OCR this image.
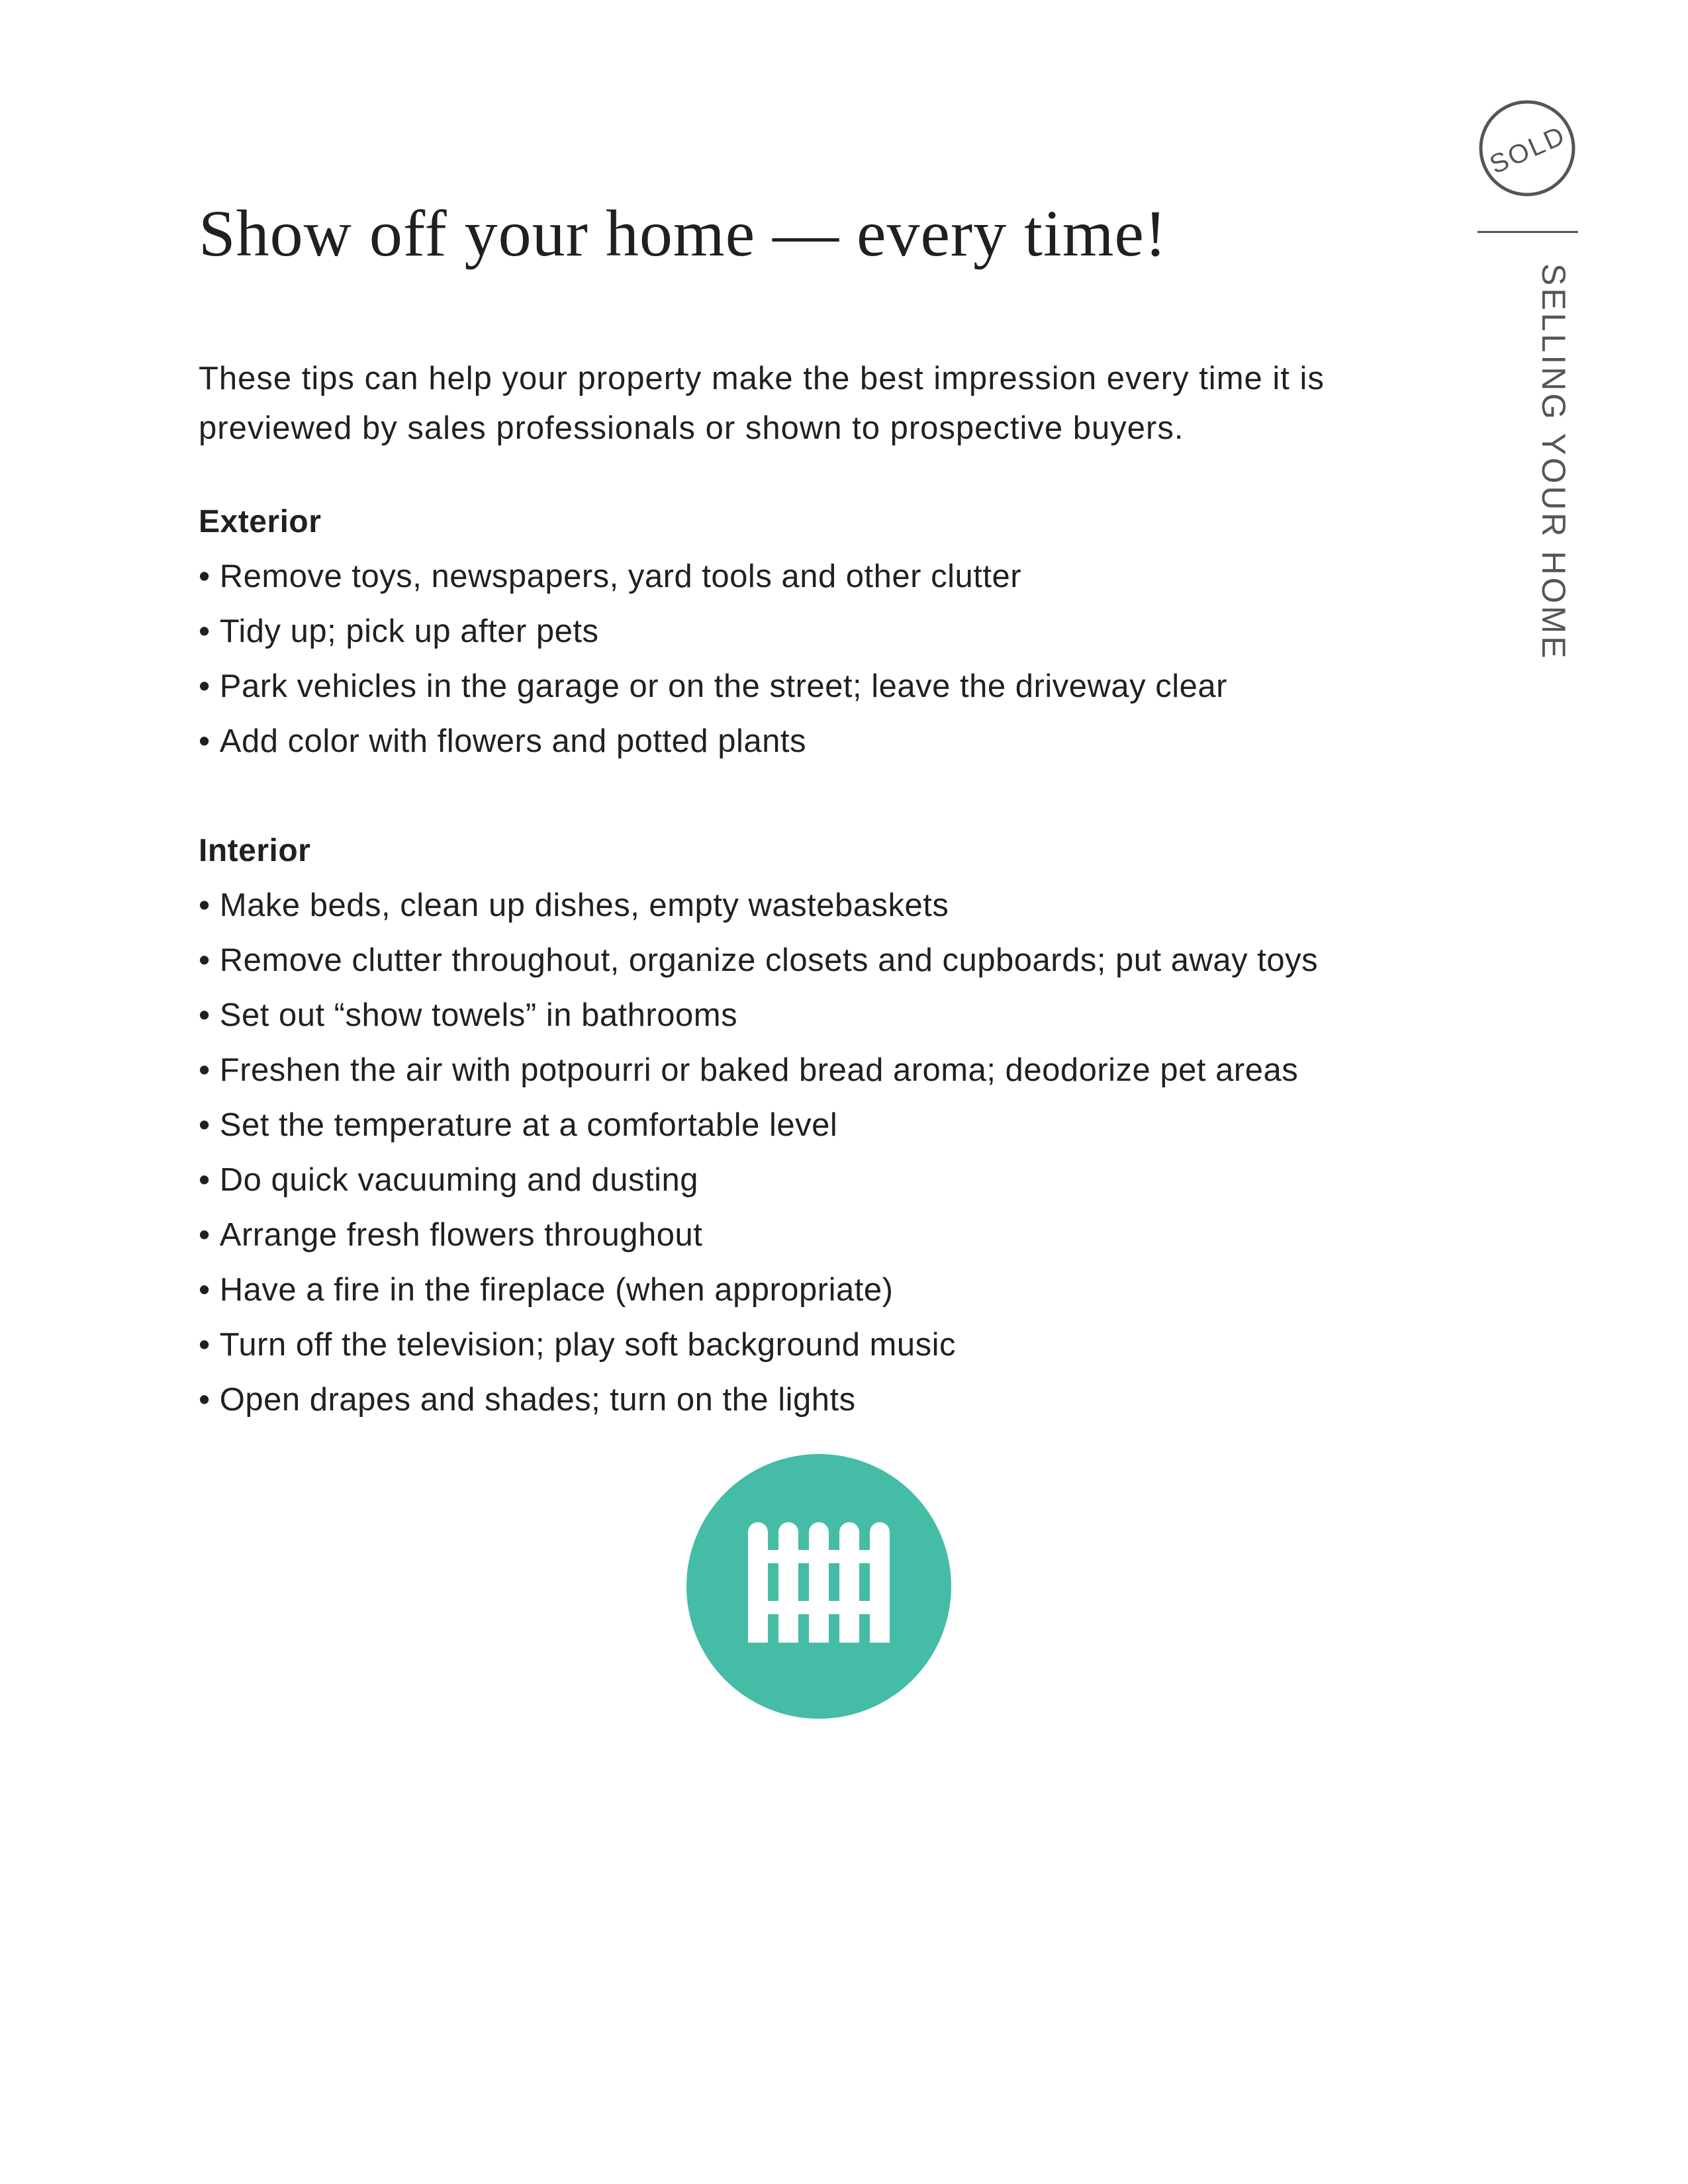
Show off your home — every time!

These tips can help your property make the best impression every time it is previewed by sales professionals or shown to prospective buyers.

Exterior
• Remove toys, newspapers, yard tools and other clutter
• Tidy up; pick up after pets
• Park vehicles in the garage or on the street; leave the driveway clear
• Add color with flowers and potted plants
Interior
• Make beds, clean up dishes, empty wastebaskets
• Remove clutter throughout, organize closets and cupboards; put away toys
• Set out “show towels” in bathrooms
• Freshen the air with potpourri or baked bread aroma; deodorize pet areas
• Set the temperature at a comfortable level
• Do quick vacuuming and dusting
• Arrange fresh flowers throughout
• Have a fire in the fireplace (when appropriate)
• Turn off the television; play soft background music
• Open drapes and shades; turn on the lights
SOLD

SELLING YOUR HOME
